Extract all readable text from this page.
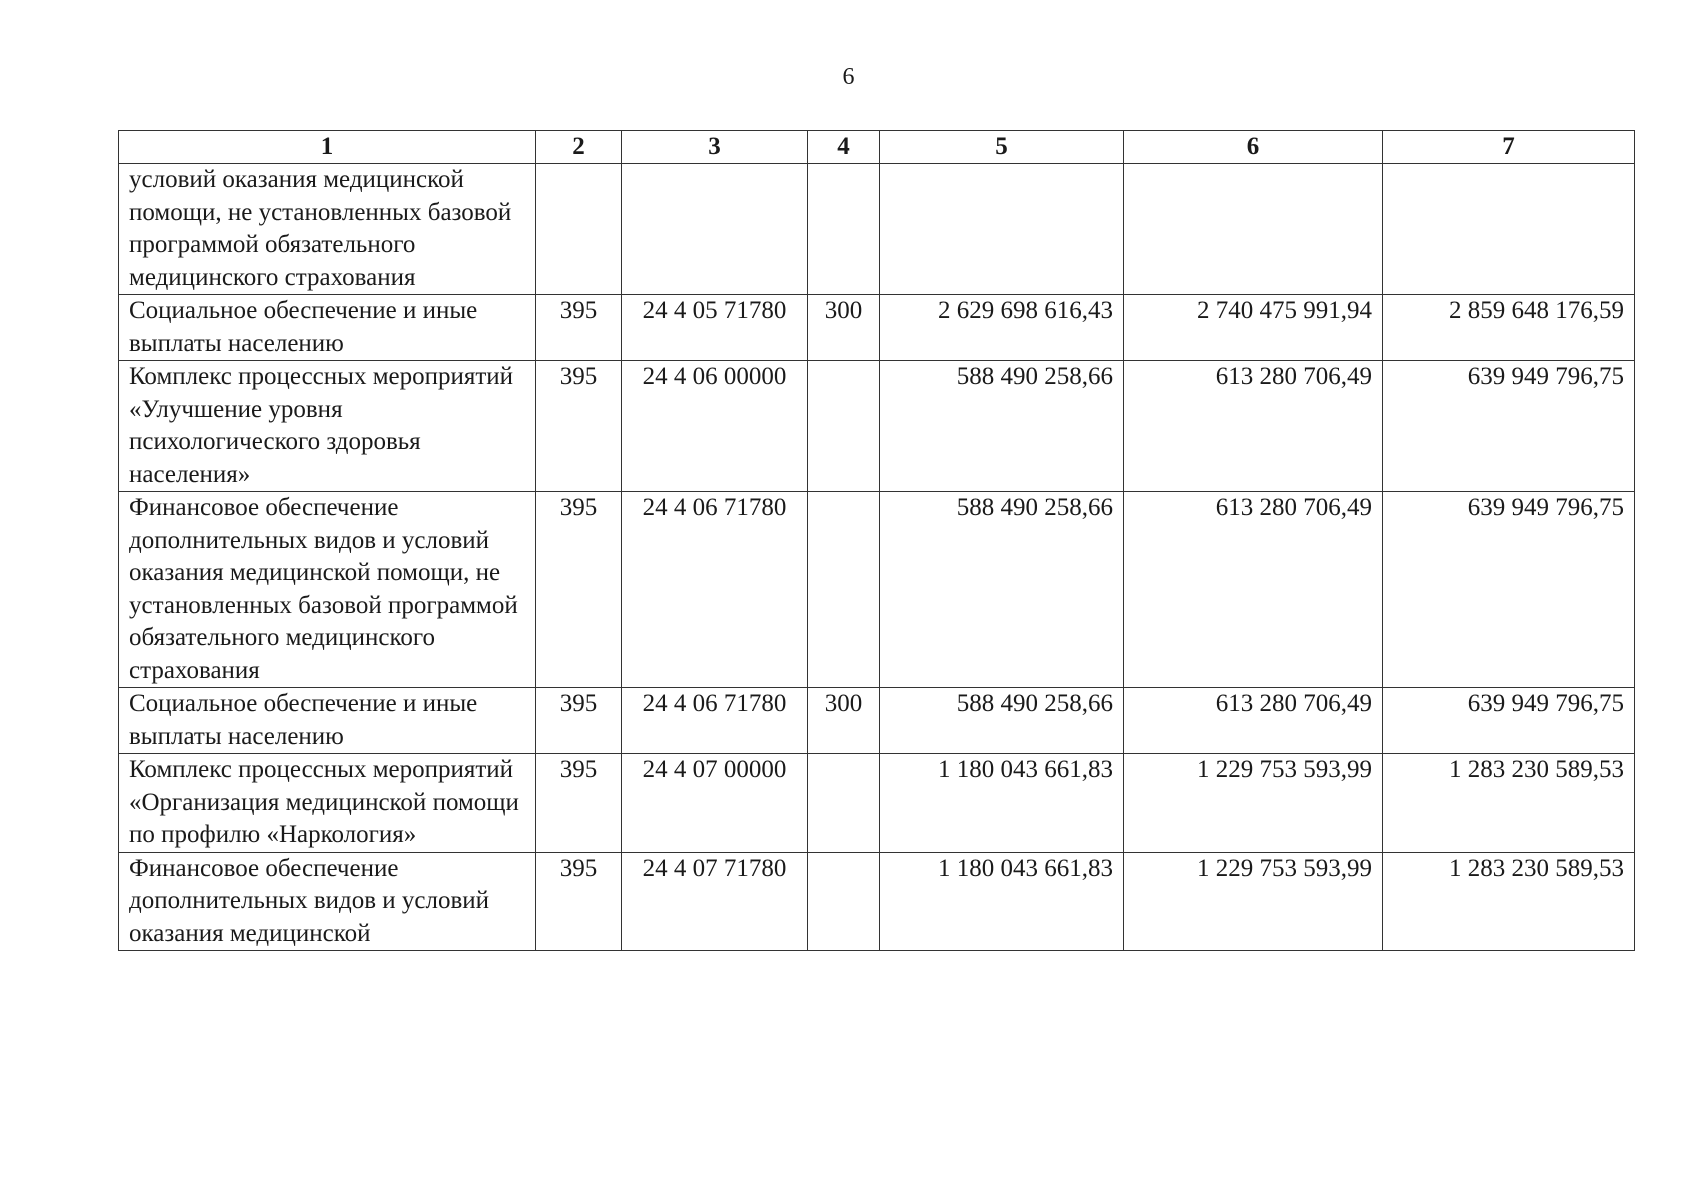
6
1	2	3	4	5	6	7
условий оказания медицинской помощи, не установленных базовой программой обязательного медицинского страхования						
Социальное обеспечение и иные выплаты населению	395	24 4 05 71780	300	2 629 698 616,43	2 740 475 991,94	2 859 648 176,59
Комплекс процессных мероприятий «Улучшение уровня психологического здоровья населения»	395	24 4 06 00000		588 490 258,66	613 280 706,49	639 949 796,75
Финансовое обеспечение дополнительных видов и условий оказания медицинской помощи, не установленных базовой программой обязательного медицинского страхования	395	24 4 06 71780		588 490 258,66	613 280 706,49	639 949 796,75
Социальное обеспечение и иные выплаты населению	395	24 4 06 71780	300	588 490 258,66	613 280 706,49	639 949 796,75
Комплекс процессных мероприятий «Организация медицинской помощи по профилю «Наркология»	395	24 4 07 00000		1 180 043 661,83	1 229 753 593,99	1 283 230 589,53
Финансовое обеспечение дополнительных видов и условий оказания медицинской	395	24 4 07 71780		1 180 043 661,83	1 229 753 593,99	1 283 230 589,53
